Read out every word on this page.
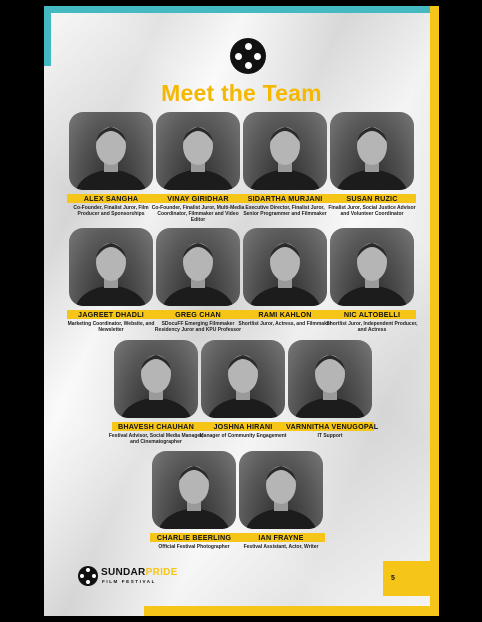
Meet the Team
ALEX SANGHA
Co-Founder, Finalist Juror, Film Producer and Sponsorships
VINAY GIRIDHAR
Co-Founder, Finalist Juror, Multi-Media Coordinator, Filmmaker and Video Editor
SIDARTHA MURJANI
Executive Director, Finalist Juror, Senior Programmer and Filmmaker
SUSAN RUZIC
Finalist Juror, Social Justice Advisor and Volunteer Coordinator
JAGREET DHADLI
Marketing Coordinator, Website, and Newsletter
GREG CHAN
SDocuFF Emerging Filmmaker Residency Juror and KPU Professor
RAMI KAHLON
Shortlist Juror, Actress, and Filmmaker
NIC ALTOBELLI
Shortlist Juror, Independent Producer, and Actress
BHAVESH CHAUHAN
Festival Advisor, Social Media Manager, and Cinematographer
JOSHNA HIRANI
Manager of Community Engagement
VARNNITHA VENUGOPAL
IT Support
CHARLIE BEERLING
Official Festival Photographer
IAN FRAYNE
Festival Assistant, Actor, Writer
SUNDARPRIDE
FILM FESTIVAL	5
